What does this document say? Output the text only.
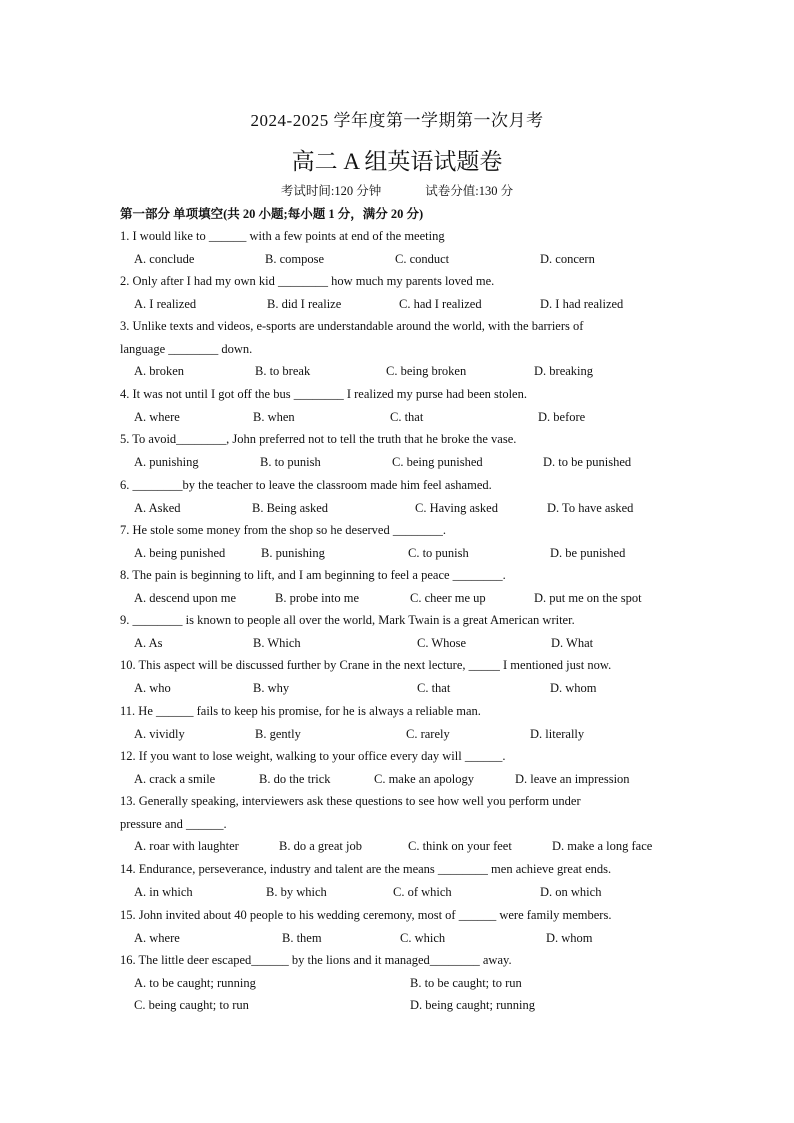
2024-2025 学年度第一学期第一次月考
高二 A 组英语试题卷
考试时间:120 分钟	试卷分值:130 分
第一部分 单项填空(共 20 小题;每小题 1 分，满分 20 分)
1. I would like to ______ with a few points at end of the meeting
A. conclude	B. compose	C. conduct	D. concern
2. Only after I had my own kid ________ how much my parents loved me.
A. I realized	B. did I realize	C. had I realized	D. I had realized
3. Unlike texts and videos, e-sports are understandable around the world, with the barriers of
language ________ down.
A. broken	B. to break	C. being broken	D. breaking
4. It was not until I got off the bus ________ I realized my purse had been stolen.
A. where	B. when	C. that	D. before
5. To avoid________, John preferred not to tell the truth that he broke the vase.
A. punishing	B. to punish	C. being punished	D. to be punished
6. ________by the teacher to leave the classroom made him feel ashamed.
A. Asked	B. Being asked	C. Having asked	D. To have asked
7. He stole some money from the shop so he deserved ________.
A. being punished	B. punishing	C. to punish	D. be punished
8. The pain is beginning to lift, and I am beginning to feel a peace ________.
A. descend upon me	B. probe into me	C. cheer me up	D. put me on the spot
9. ________ is known to people all over the world, Mark Twain is a great American writer.
A. As	B. Which	C. Whose	D. What
10. This aspect will be discussed further by Crane in the next lecture, _____ I mentioned just now.
A. who	B. why	C. that	D. whom
11. He ______ fails to keep his promise, for he is always a reliable man.
A. vividly	B. gently	C. rarely	D. literally
12. If you want to lose weight, walking to your office every day will ______.
A. crack a smile	B. do the trick	C. make an apology	D. leave an impression
13. Generally speaking, interviewers ask these questions to see how well you perform under
pressure and ______.
A. roar with laughter	B. do a great job	C. think on your feet	D. make a long face
14. Endurance, perseverance, industry and talent are the means ________ men achieve great ends.
A. in which	B. by which	C. of which	D. on which
15. John invited about 40 people to his wedding ceremony, most of ______ were family members.
A. where	B. them	C. which	D. whom
16. The little deer escaped______ by the lions and it managed________ away.
A. to be caught; running	B. to be caught; to run
C. being caught; to run	D. being caught; running
